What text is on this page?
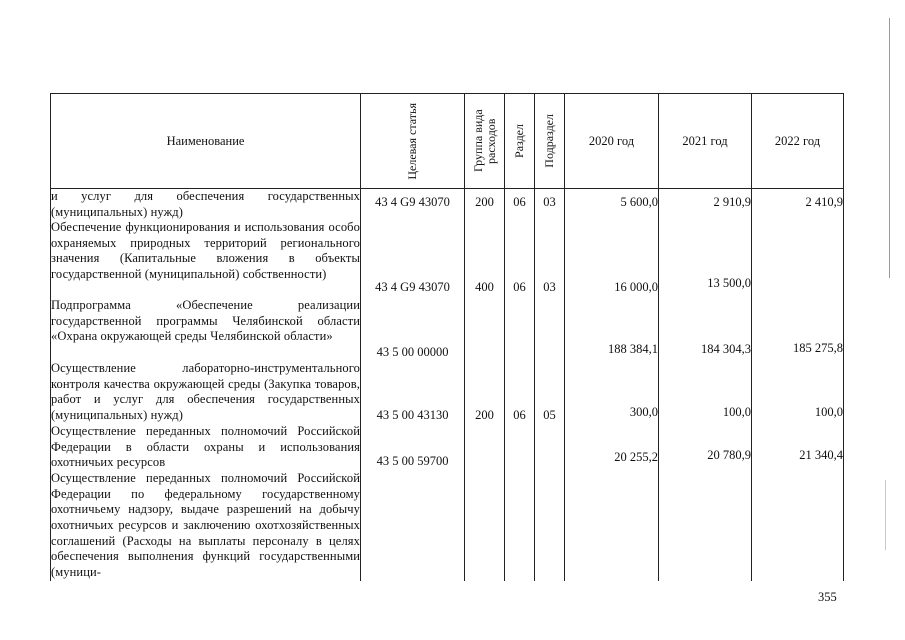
Наименование	Целевая статья	Группа вида расходов	Раздел	Подраздел	2020 год	2021 год	2022 год
и услуг для обеспечения государственных (муниципальных) нужд)	43 4 G9 43070	200	06	03	5 600,0	2 910,9	2 410,9
Обеспечение функционирования и использования особо охраняемых природных территорий регионального значения (Капитальные вложения в объекты государственной (муниципальной) собственности)	43 4 G9 43070	400	06	03	16 000,0	13 500,0	
Подпрограмма «Обеспечение реализации государственной программы Челябинской области «Охрана окружающей среды Челябинской области»	43 5 00 00000				188 384,1	184 304,3	185 275,8
Осуществление лабораторно-инструментального контроля качества окружающей среды (Закупка товаров, работ и услуг для обеспечения государственных (муниципальных) нужд)	43 5 00 43130	200	06	05	300,0	100,0	100,0
Осуществление переданных полномочий Российской Федерации в области охраны и использования охотничьих ресурсов	43 5 00 59700				20 255,2	20 780,9	21 340,4
Осуществление переданных полномочий Российской Федерации по федеральному государственному охотничьему надзору, выдаче разрешений на добычу охотничьих ресурсов и заключению охотхозяйственных соглашений (Расходы на выплаты персоналу в целях обеспечения выполнения функций государственными (муници-							
355
